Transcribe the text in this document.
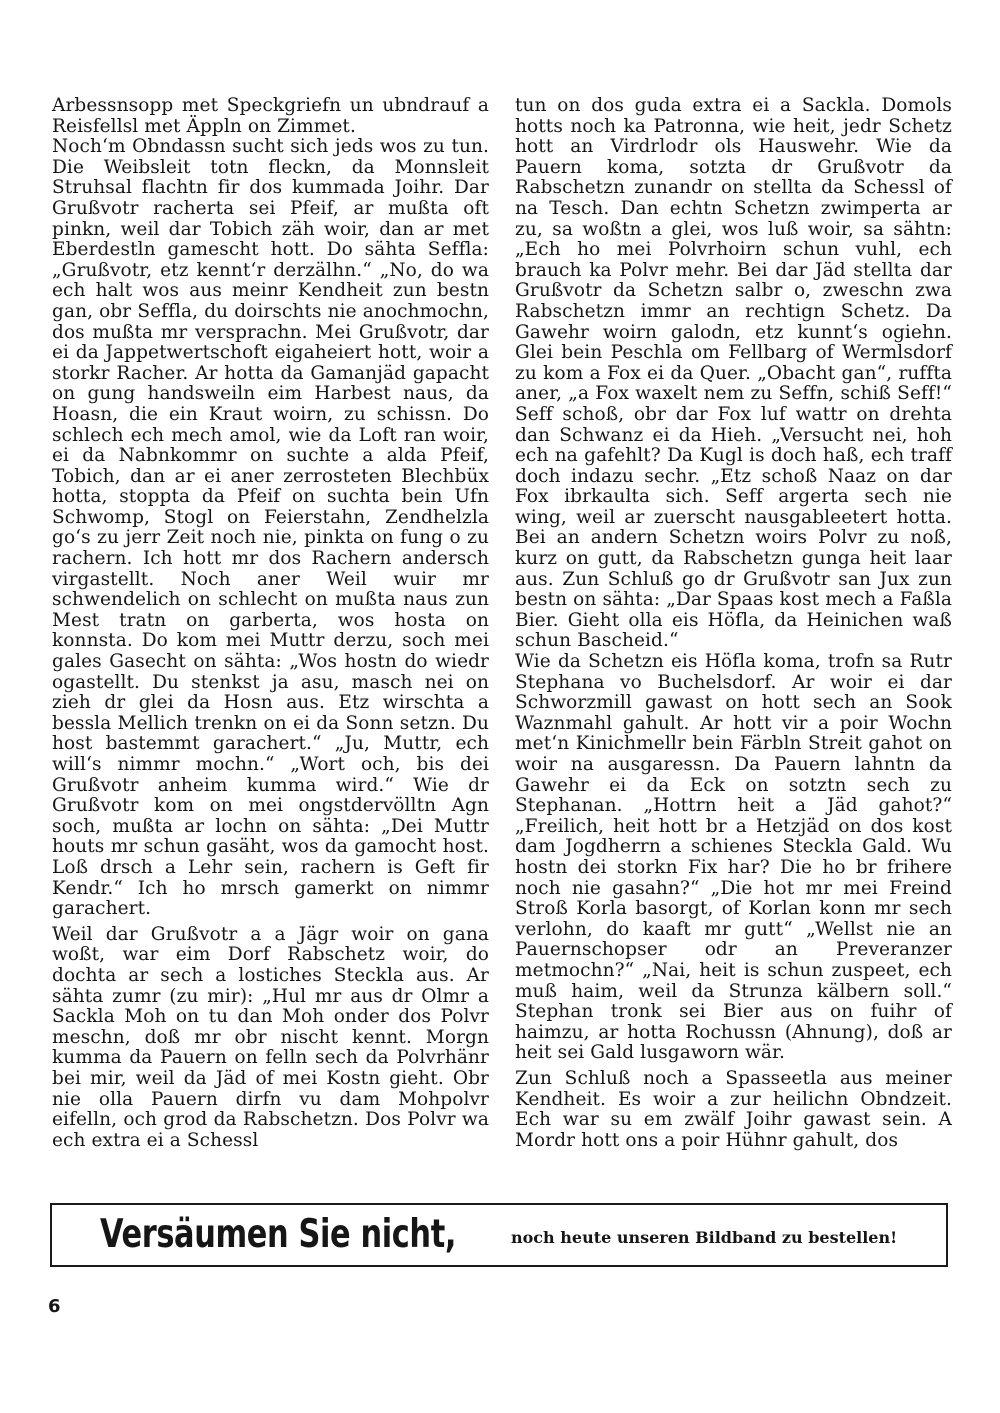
Arbessnsopp met Speckgriefn un ubndrauf a Reisfellsl met Äppln on Zimmet.

Noch‘m Obndassn sucht sich jeds wos zu tun. Die Weibsleit totn fleckn, da Monnsleit Struhsal flachtn fir dos kummada Joihr. Dar Grußvotr racherta sei Pfeif, ar mußta oft pinkn, weil dar Tobich zäh woir, dan ar met Eberdestln gamescht hott. Do sähta Seffla: „Grußvotr, etz kennt‘r derzälhn.“ „No, do wa ech halt wos aus meinr Kendheit zun bestn gan, obr Seffla, du doirschts nie anochmochn, dos mußta mr versprachn. Mei Grußvotr, dar ei da Jappetwertschoft eigaheiert hott, woir a storkr Racher. Ar hotta da Gamanjäd gapacht on gung handsweiln eim Harbest naus, da Hoasn, die ein Kraut woirn, zu schissn. Do schlech ech mech amol, wie da Loft ran woir, ei da Nabnkommr on suchte a alda Pfeif, Tobich, dan ar ei aner zerrosteten Blechbüx hotta, stoppta da Pfeif on suchta bein Ufn Schwomp, Stogl on Feierstahn, Zendhelzla go‘s zu jerr Zeit noch nie, pinkta on fung o zu rachern. Ich hott mr dos Rachern andersch virgastellt. Noch aner Weil wuir mr schwendelich on schlecht on mußta naus zun Mest tratn on garberta, wos hosta on konnsta. Do kom mei Muttr derzu, soch mei gales Gasecht on sähta: „Wos hostn do wiedr ogastellt. Du stenkst ja asu, masch nei on zieh dr glei da Hosn aus. Etz wirschta a bessla Mellich trenkn on ei da Sonn setzn. Du host bastemmt garachert.“ „Ju, Muttr, ech will‘s nimmr mochn.“ „Wort och, bis dei Grußvotr anheim kumma wird.“ Wie dr Grußvotr kom on mei ongstdervölltn Agn soch, mußta ar lochn on sähta: „Dei Muttr houts mr schun gasäht, wos da gamocht host. Loß drsch a Lehr sein, rachern is Geft fir Kendr.“ Ich ho mrsch gamerkt on nimmr garachert.

Weil dar Grußvotr a a Jägr woir on gana woßt, war eim Dorf Rabschetz woir, do dochta ar sech a lostiches Steckla aus. Ar sähta zumr (zu mir): „Hul mr aus dr Olmr a Sackla Moh on tu dan Moh onder dos Polvr meschn, doß mr obr nischt kennt. Morgn kumma da Pauern on felln sech da Polvrhänr bei mir, weil da Jäd of mei Kostn gieht. Obr nie olla Pauern dirfn vu dam Mohpolvr eifelln, och grod da Rabschetzn. Dos Polvr wa ech extra ei a Schessl

tun on dos guda extra ei a Sackla. Domols hotts noch ka Patronna, wie heit, jedr Schetz hott an Virdrlodr ols Hauswehr. Wie da Pauern koma, sotzta dr Grußvotr da Rabschetzn zunandr on stellta da Schessl of na Tesch. Dan echtn Schetzn zwimperta ar zu, sa woßtn a glei, wos luß woir, sa sähtn: „Ech ho mei Polvrhoirn schun vuhl, ech brauch ka Polvr mehr. Bei dar Jäd stellta dar Grußvotr da Schetzn salbr o, zweschn zwa Rabschetzn immr an rechtign Schetz. Da Gawehr woirn galodn, etz kunnt‘s ogiehn. Glei bein Peschla om Fellbarg of Wermlsdorf zu kom a Fox ei da Quer. „Obacht gan“, ruffta aner, „a Fox waxelt nem zu Seffn, schiß Seff!“ Seff schoß, obr dar Fox luf wattr on drehta dan Schwanz ei da Hieh. „Versucht nei, hoh ech na gafehlt? Da Kugl is doch haß, ech traff doch indazu sechr. „Etz schoß Naaz on dar Fox ibrkaulta sich. Seff argerta sech nie wing, weil ar zuerscht nausgableetert hotta. Bei an andern Schetzn woirs Polvr zu noß, kurz on gutt, da Rabschetzn gunga heit laar aus. Zun Schluß go dr Grußvotr san Jux zun bestn on sähta: „Dar Spaas kost mech a Faßla Bier. Gieht olla eis Höfla, da Heinichen waß schun Bascheid.“

Wie da Schetzn eis Höfla koma, trofn sa Rutr Stephana vo Buchelsdorf. Ar woir ei dar Schworzmill gawast on hott sech an Sook Waznmahl gahult. Ar hott vir a poir Wochn met‘n Kinichmellr bein Färbln Streit gahot on woir na ausgaressn. Da Pauern lahntn da Gawehr ei da Eck on sotztn sech zu Stephanan. „Hottrn heit a Jäd gahot?“ „Freilich, heit hott br a Hetzjäd on dos kost dam Jogdherrn a schienes Steckla Gald. Wu hostn dei storkn Fix har? Die ho br frihere noch nie gasahn?“ „Die hot mr mei Freind Stroß Korla basorgt, of Korlan konn mr sech verlohn, do kaaft mr gutt“ „Wellst nie an Pauernschopser odr an Preveranzer metmochn?“ „Nai, heit is schun zuspeet, ech muß haim, weil da Strunza kälbern soll.“ Stephan tronk sei Bier aus on fuihr of haimzu, ar hotta Rochussn (Ahnung), doß ar heit sei Gald lusgaworn wär.

Zun Schluß noch a Spasseetla aus meiner Kendheit. Es woir a zur heilichn Obndzeit. Ech war su em zwälf Joihr gawast sein. A Mordr hott ons a poir Hühnr gahult, dos

Versäumen Sie nicht,	noch heute unseren Bildband zu bestellen!
6
